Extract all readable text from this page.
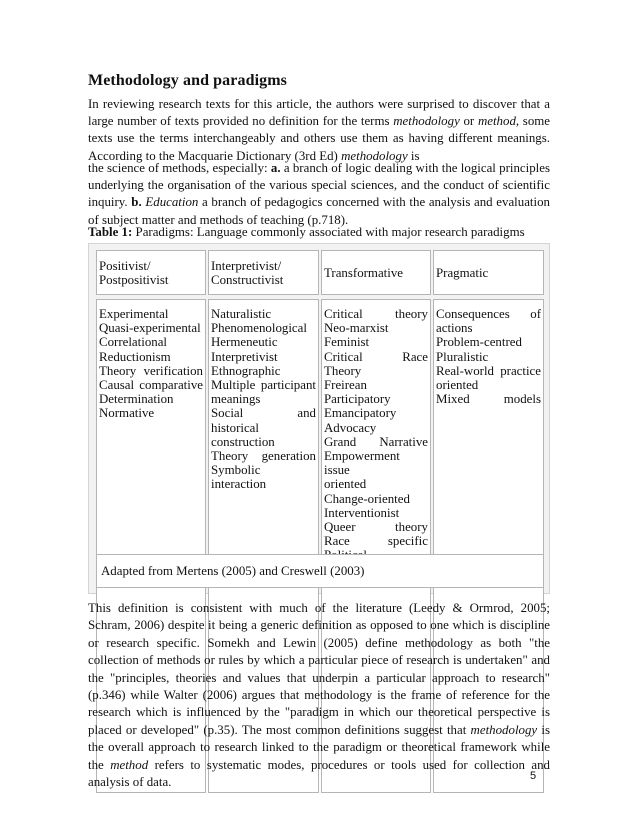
Methodology and paradigms

In reviewing research texts for this article, the authors were surprised to discover that a large number of texts provided no definition for the terms methodology or method, some texts use the terms interchangeably and others use them as having different meanings. According to the Macquarie Dictionary (3rd Ed) methodology is

the science of methods, especially: a. a branch of logic dealing with the logical principles underlying the organisation of the various special sciences, and the conduct of scientific inquiry. b. Education a branch of pedagogics concerned with the analysis and evaluation of subject matter and methods of teaching (p.718).

Table 1: Paradigms: Language commonly associated with major research paradigms

Positivist/
Postpositivist
Interpretivist/
Constructivist
Transformative	Pragmatic
Experimental
Quasi-experimental
Correlational
Reductionism
Theory verification
Causal comparative
Determination
Normative
Naturalistic
Phenomenological
Hermeneutic
Interpretivist
Ethnographic
Multiple participant
meanings
Social and historical
construction
Theory generation
Symbolic interaction
Critical theory
Neo-marxist
Feminist
Critical Race
Theory
Freirean
Participatory
Emancipatory
Advocacy
Grand Narrative
Empowerment issue
oriented
Change-oriented
Interventionist
Queer theory
Race specific
Consequences of
actions
Problem-centred
Pluralistic
Real-world practice
oriented
Mixed models
Adapted from Mertens (2005) and Creswell (2003)

This definition is consistent with much of the literature (Leedy & Ormrod, 2005; Schram, 2006) despite it being a generic definition as opposed to one which is discipline or research specific. Somekh and Lewin (2005) define methodology as both "the collection of methods or rules by which a particular piece of research is undertaken" and the "principles, theories and values that underpin a particular approach to research" (p.346) while Walter (2006) argues that methodology is the frame of reference for the research which is influenced by the "paradigm in which our theoretical perspective is placed or developed" (p.35). The most common definitions suggest that methodology is the overall approach to research linked to the paradigm or theoretical framework while the method refers to systematic modes, procedures or tools used for collection and analysis of data.	5
